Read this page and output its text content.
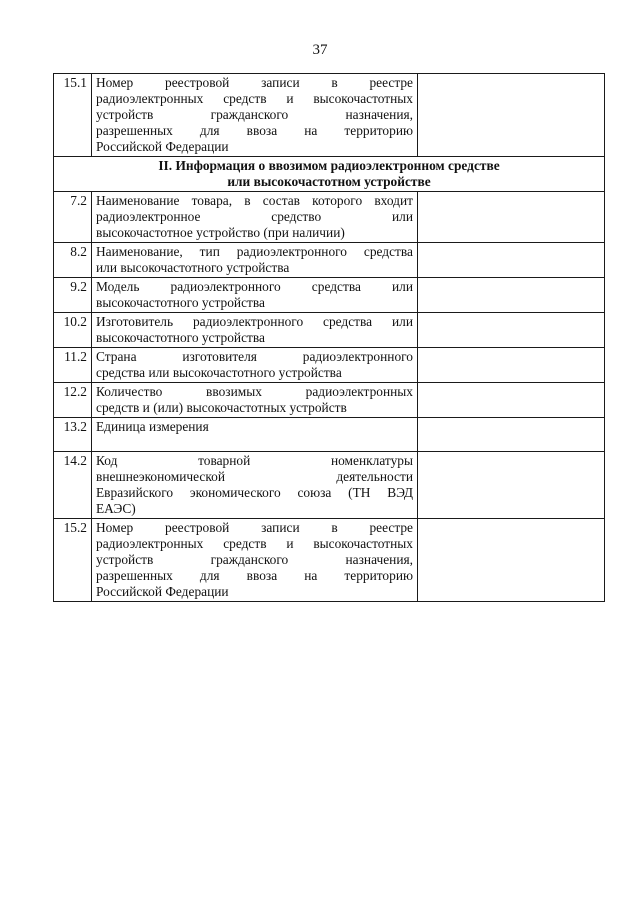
37
15.1	Номер реестровой записи в реестре
радиоэлектронных средств и высокочастотных
устройств гражданского назначения,
разрешенных для ввоза на территорию
Российской Федерации	

II. Информация о ввозимом радиоэлектронном средстве
или высокочастотном устройстве		

7.2	Наименование товара, в состав которого входит
радиоэлектронное средство или
высокочастотное устройство (при наличии)	

8.2	Наименование, тип радиоэлектронного средства
или высокочастотного устройства	

9.2	Модель радиоэлектронного средства или
высокочастотного устройства	

10.2	Изготовитель радиоэлектронного средства или
высокочастотного устройства	

11.2	Страна изготовителя радиоэлектронного
средства или высокочастотного устройства	

12.2	Количество ввозимых радиоэлектронных
средств и (или) высокочастотных устройств	

13.2	Единица измерения	

14.2	Код товарной номенклатуры
внешнеэкономической деятельности
Евразийского экономического союза (ТН ВЭД
ЕАЭС)	

15.2	Номер реестровой записи в реестре
радиоэлектронных средств и высокочастотных
устройств гражданского назначения,
разрешенных для ввоза на территорию
Российской Федерации	
